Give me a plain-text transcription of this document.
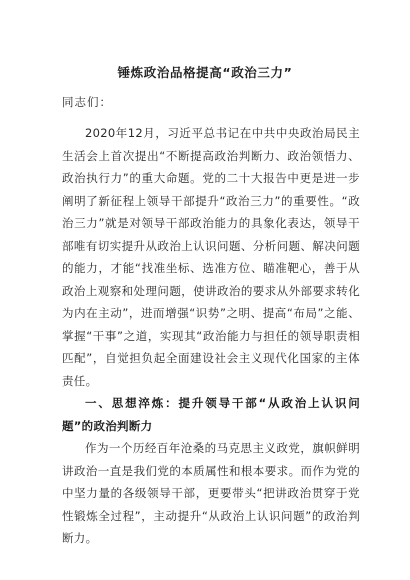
锤炼政治品格提高“政治三力”
同志们：

2020年12月，习近平总书记在中共中央政治局民主生活会上首次提出“不断提高政治判断力、政治领悟力、政治执行力”的重大命题。党的二十大报告中更是进一步阐明了新征程上领导干部提升“政治三力”的重要性。“政治三力”就是对领导干部政治能力的具象化表达，领导干部唯有切实提升从政治上认识问题、分析问题、解决问题的能力，才能“找准坐标、选准方位、瞄准靶心，善于从政治上观察和处理问题，使讲政治的要求从外部要求转化为内在主动”，进而增强“识势”之明、提高“布局”之能、掌握“干事”之道，实现其“政治能力与担任的领导职责相匹配”，自觉担负起全面建设社会主义现代化国家的主体责任。

一、思想淬炼：提升领导干部“从政治上认识问题”的政治判断力

作为一个历经百年沧桑的马克思主义政党，旗帜鲜明讲政治一直是我们党的本质属性和根本要求。而作为党的中坚力量的各级领导干部，更要带头“把讲政治贯穿于党性锻炼全过程”，主动提升“从政治上认识问题”的政治判断力。
